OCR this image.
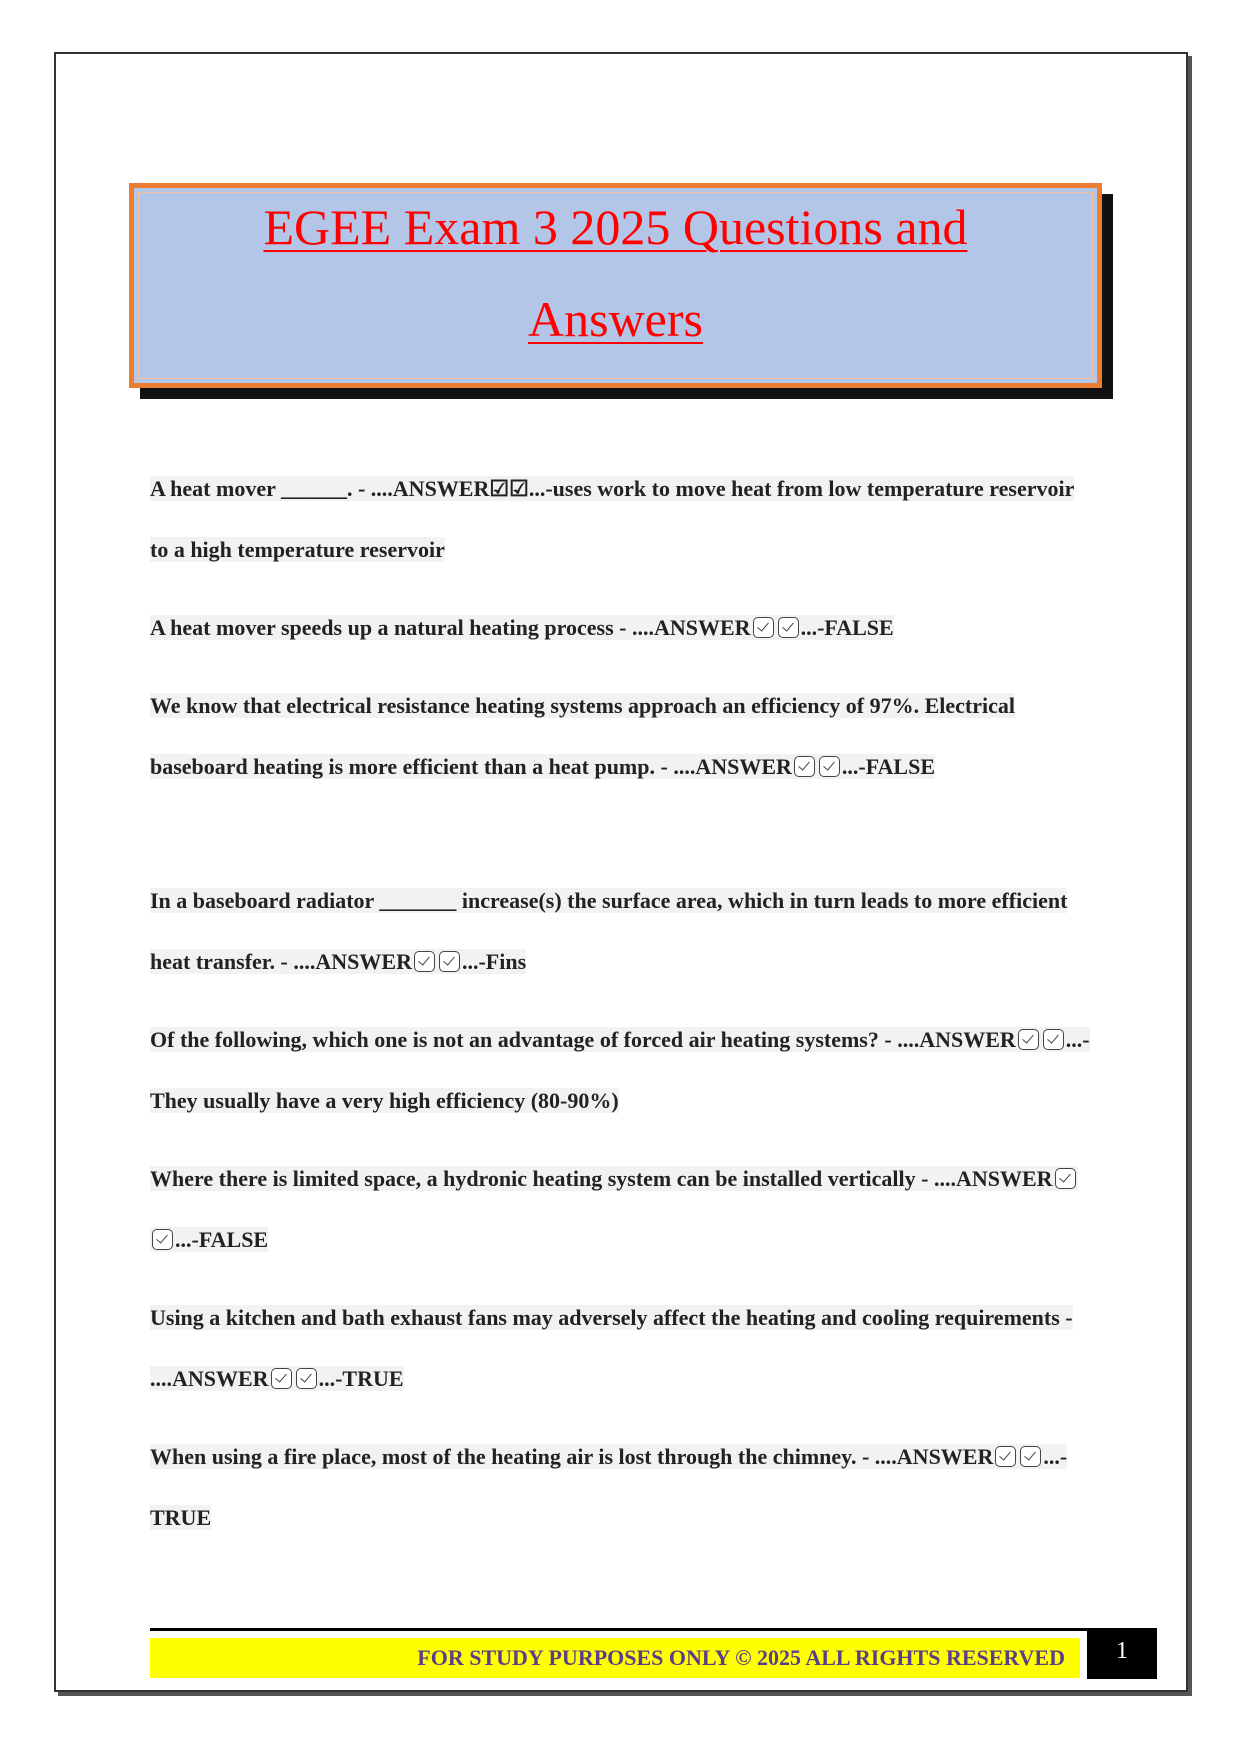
EGEE Exam 3 2025 Questions and
Answers
A heat mover ______. - ....ANSWER☑☑...-uses work to move heat from low temperature reservoir to a high temperature reservoir
A heat mover speeds up a natural heating process - ....ANSWER ...-FALSE
We know that electrical resistance heating systems approach an efficiency of 97%. Electrical baseboard heating is more efficient than a heat pump. - ....ANSWER ...-FALSE
In a baseboard radiator _______ increase(s) the surface area, which in turn leads to more efficient heat transfer. - ....ANSWER ...-Fins
Of the following, which one is not an advantage of forced air heating systems? - ....ANSWER ...-They usually have a very high efficiency (80-90%)
Where there is limited space, a hydronic heating system can be installed vertically - ....ANSWER...-FALSE
Using a kitchen and bath exhaust fans may adversely affect the heating and cooling requirements - ....ANSWER ...-TRUE
When using a fire place, most of the heating air is lost through the chimney. - ....ANSWER ...-TRUE
FOR STUDY PURPOSES ONLY © 2025 ALL RIGHTS RESERVED	1
